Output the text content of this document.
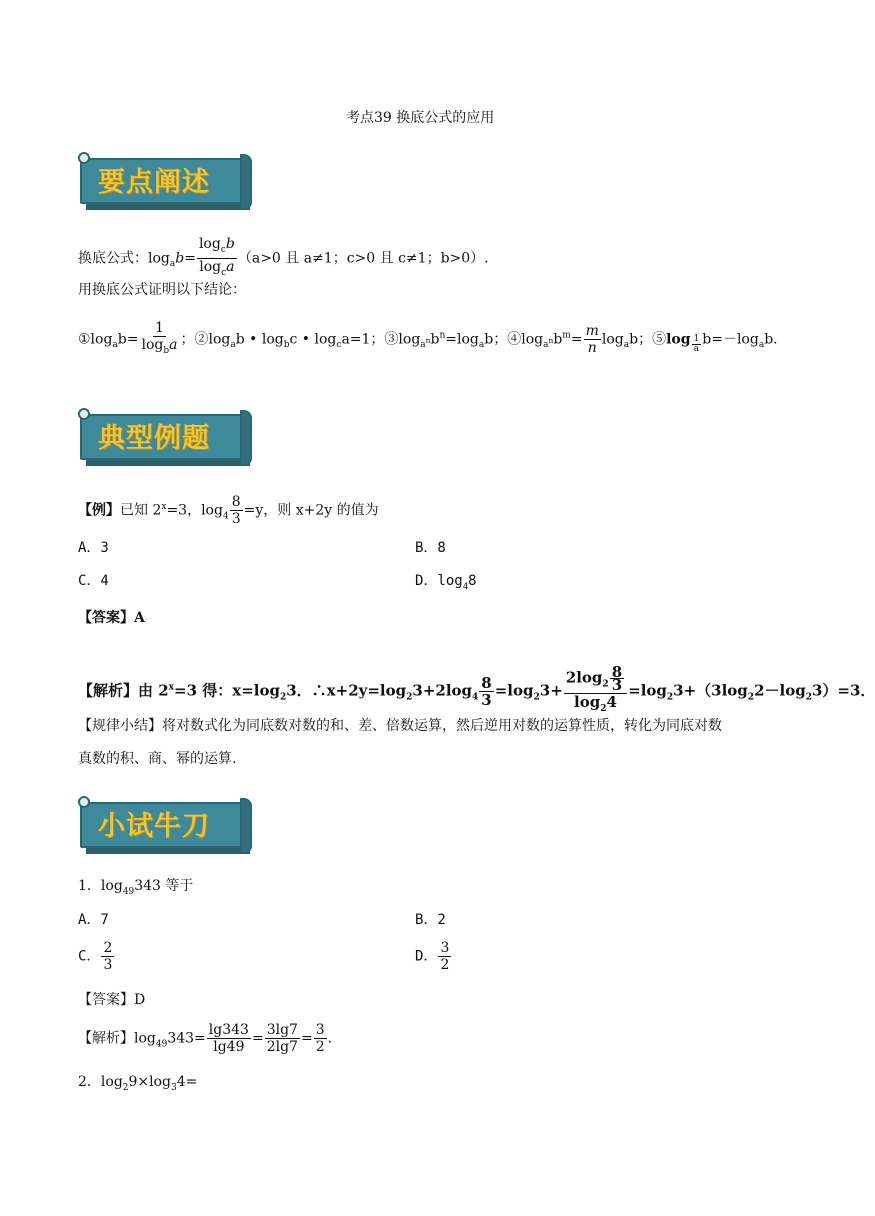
考点39 换底公式的应用
要点阐述
换底公式：$\log_ab= \frac{\log_cb}{\log_ca} (a>0$ 且 a≠1；c>0 且 c≠1；b>0）.
用换底公式证明以下结论：
$①\log_ab= \frac{1}{\log_ba}$ ；$②\log_ab$ • $\log_bc$ • $\log_ca=1$；$③\log_{a^n}b^n=\log_ab$；$④\log_{a^n}b^m= \frac{m}{n} \log_ab$；⑤log $_{\frac{1}{a}}$ $b=-\log_ab$.
典型例题
【例】已知 $2^x=3$，$\log_4 \frac{8}{3} =y$，则 x+2y 的值为
A．3	B．8
C．4	D．$\log_48$
【答案】A
【解析】由 $2^x=3$ 得：$x=\log_23$．$\therefore x+2y=\log_23+2\log_4 \frac{8}{3} =\log_23+ \frac{2\log_2 \frac{8}{3}}{\log_24} =\log_23+(3\log_22-\log_23)=3$．
【规律小结】将对数式化为同底数对数的和、差、倍数运算，然后逆用对数的运算性质，转化为同底对数
真数的积、商、幂的运算.
小试牛刀
1．$\log_{49}343$ 等于
A．7	B．2
C． $\frac{2}{3}$	D． $\frac{3}{2}$
【答案】D
【解析】$\log_{49}343= \frac{\lg 343}{\lg 49} = \frac{3\lg 7}{2\lg 7} = \frac{3}{2}$ .
2．$\log_29\times\log_34=$
